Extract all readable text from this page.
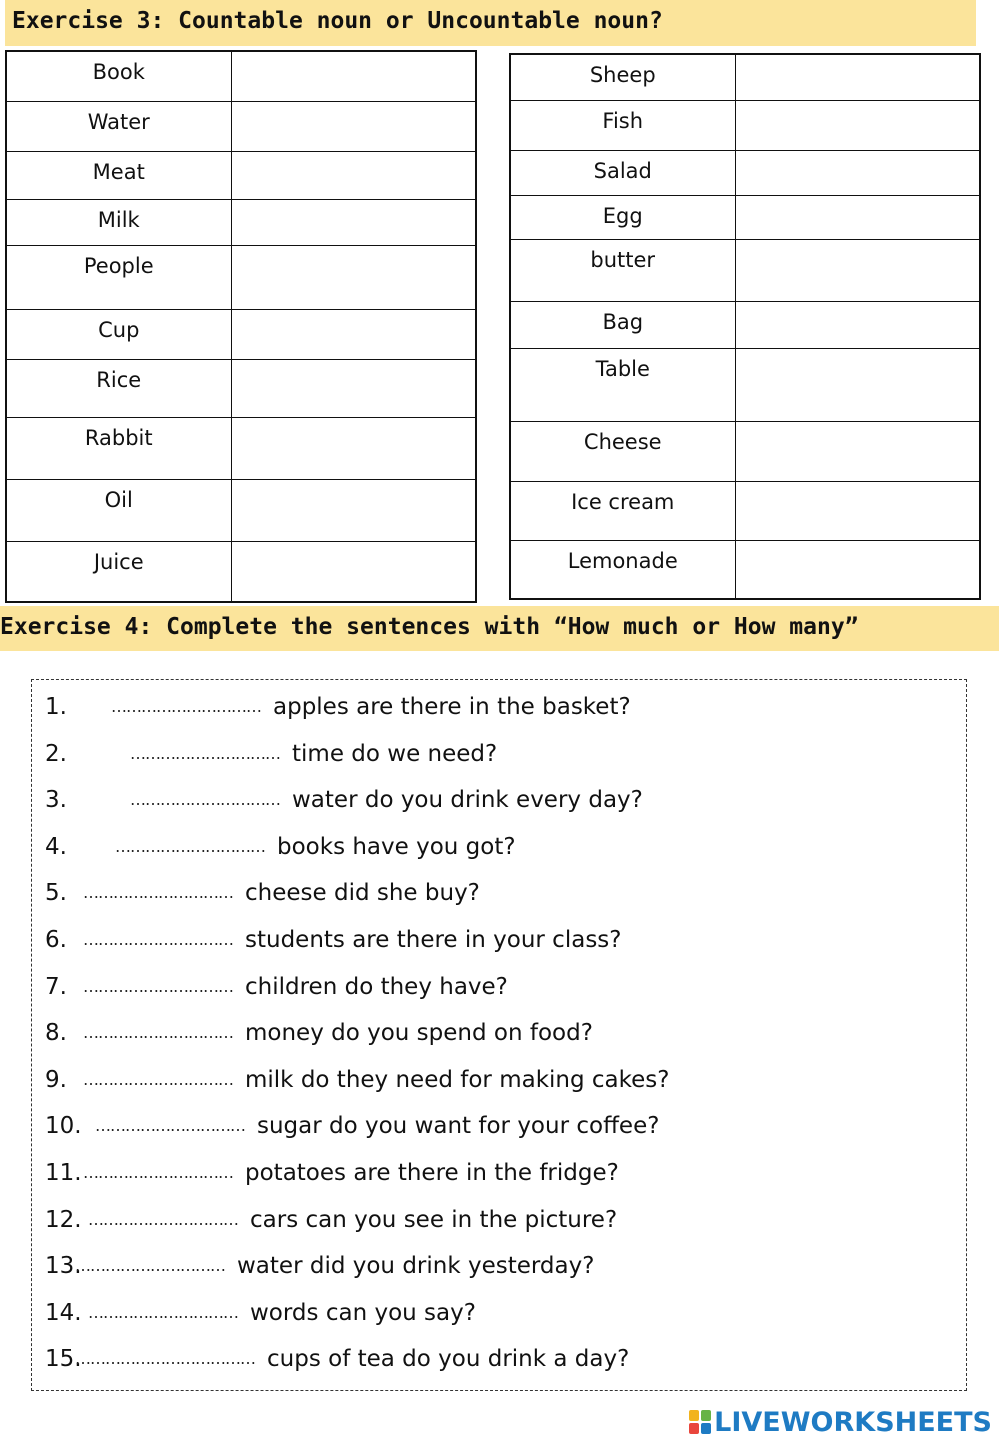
Exercise 3: Countable noun or Uncountable noun?
Book	

Water	

Meat	

Milk	

People	

Cup	

Rice	

Rabbit	

Oil	

Juice	

Sheep	

Fish	

Salad	

Egg	

butter	

Bag	

Table	

Cheese	

Ice cream	

Lemonade	

Exercise 4: Complete the sentences with “How much or How many”
1.	………………………… apples are there in the basket?
2.	………………………… time do we need?
3.	………………………… water do you drink every day?
4.	………………………… books have you got?
5. ………………………… cheese did she buy?
6. ………………………… students are there in your class?
7. ………………………… children do they have?
8. ………………………… money do you spend on food?
9. ………………………… milk do they need for making cakes?
10. ………………………… sugar do you want for your coffee?
11.………………………… potatoes are there in the fridge?
12. ………………………… cars can you see in the picture?
13.………………………… water did you drink yesterday?
14. ………………………… words can you say?
15.……………………………… cups of tea do you drink a day?
LIVEWORKSHEETS
